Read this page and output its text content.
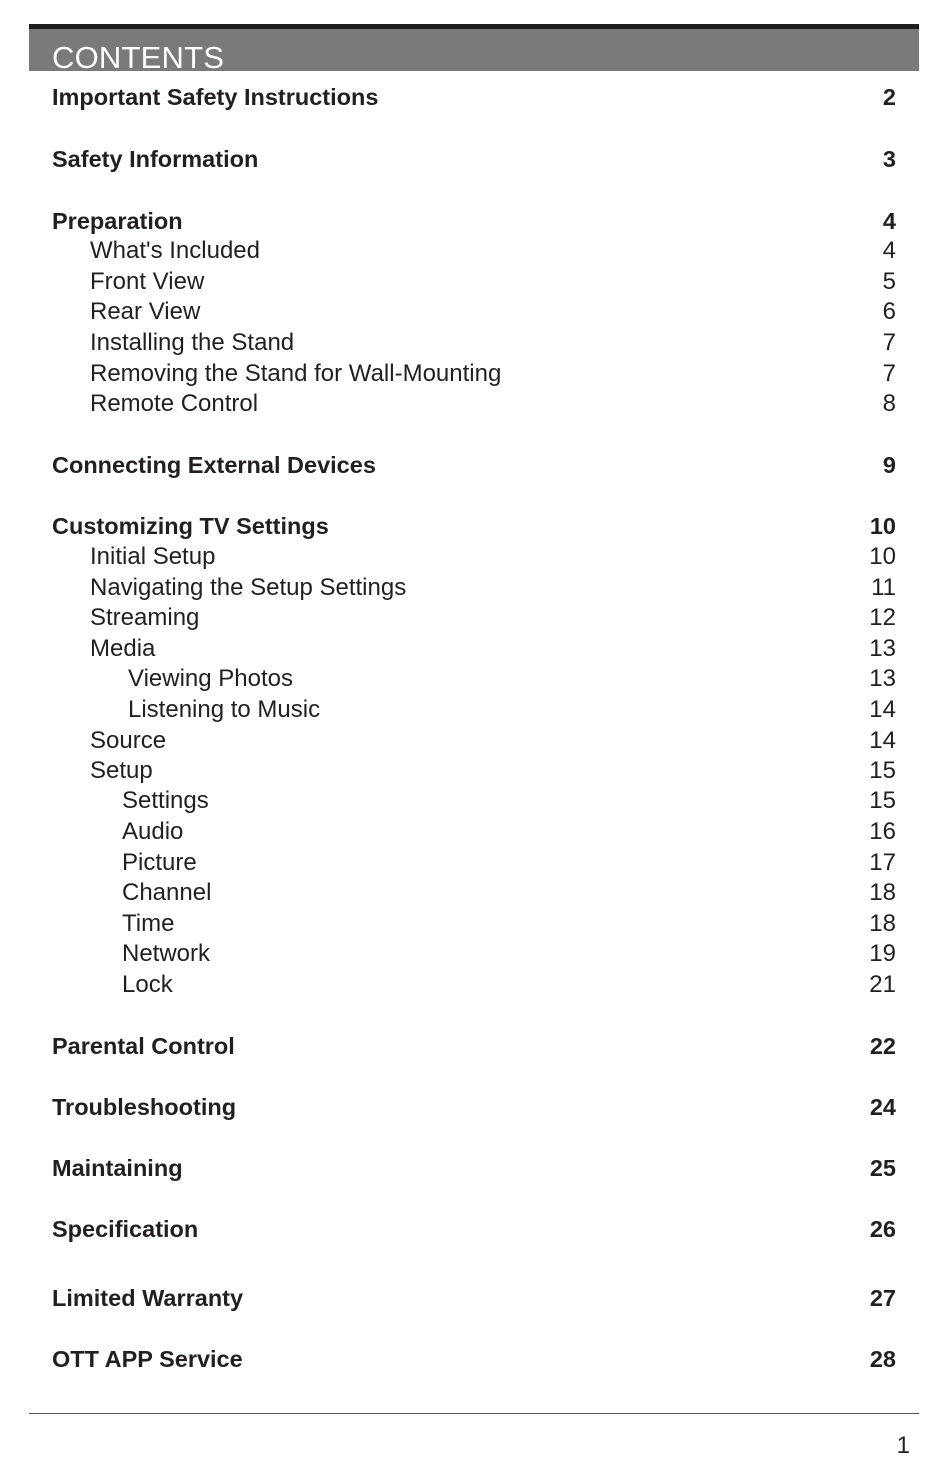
CONTENTS
Important Safety Instructions	2
Safety Information	3
Preparation	4
What's Included	4
Front View	5
Rear View	6
Installing the Stand	7
Removing the Stand for Wall-Mounting	7
Remote Control	8
Connecting External Devices	9
Customizing TV Settings	10
Initial Setup	10
Navigating the Setup Settings	11
Streaming	12
Media	13
Viewing Photos	13
Listening to Music	14
Source	14
Setup	15
Settings	15
Audio	16
Picture	17
Channel	18
Time	18
Network	19
Lock	21
Parental Control	22
Troubleshooting	24
Maintaining	25
Specification	26
Limited Warranty	27
OTT APP Service	28
1
